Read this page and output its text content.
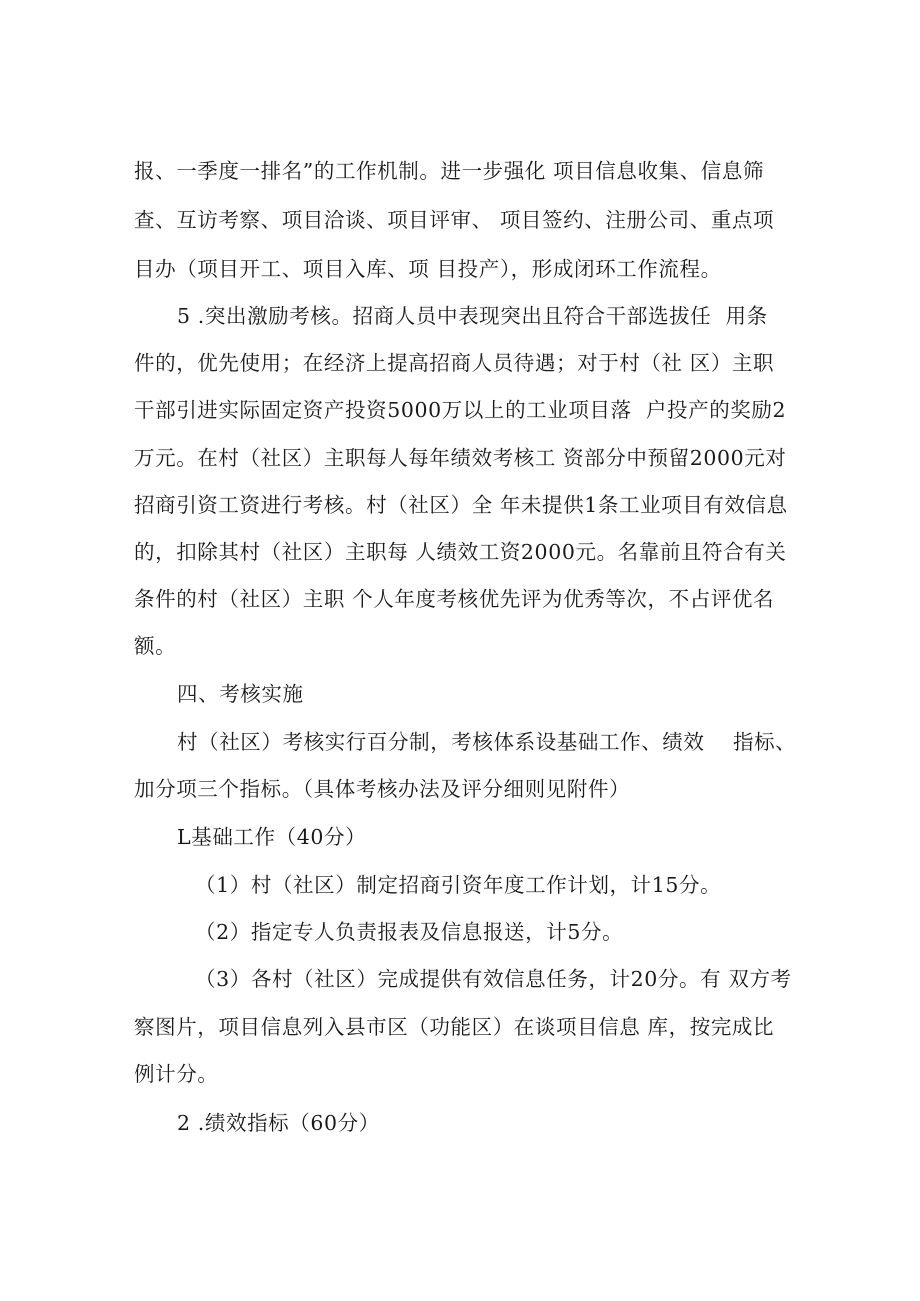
报、一季度一排名”的工作机制。进一步强化 项目信息收集、信息筛
查、互访考察、项目洽谈、项目评审、 项目签约、注册公司、重点项
目办（项目开工、项目入库、项 目投产），形成闭环工作流程。
5 .突出激励考核。招商人员中表现突出且符合干部选拔任  用条
件的，优先使用；在经济上提高招商人员待遇；对于村（社 区）主职
干部引进实际固定资产投资5000万以上的工业项目落  户投产的奖励2
万元。在村（社区）主职每人每年绩效考核工 资部分中预留2000元对
招商引资工资进行考核。村（社区）全 年未提供1条工业项目有效信息
的，扣除其村（社区）主职每 人绩效工资2000元。名靠前且符合有关
条件的村（社区）主职 个人年度考核优先评为优秀等次，不占评优名
额。
四、考核实施
村（社区）考核实行百分制，考核体系设基础工作、绩效    指标、
加分项三个指标。（具体考核办法及评分细则见附件）
L基础工作（40分）
（1）村（社区）制定招商引资年度工作计划，计15分。
（2）指定专人负责报表及信息报送，计5分。
（3）各村（社区）完成提供有效信息任务，计20分。有 双方考
察图片，项目信息列入县市区（功能区）在谈项目信息 库，按完成比
例计分。
2 .绩效指标（60分）
